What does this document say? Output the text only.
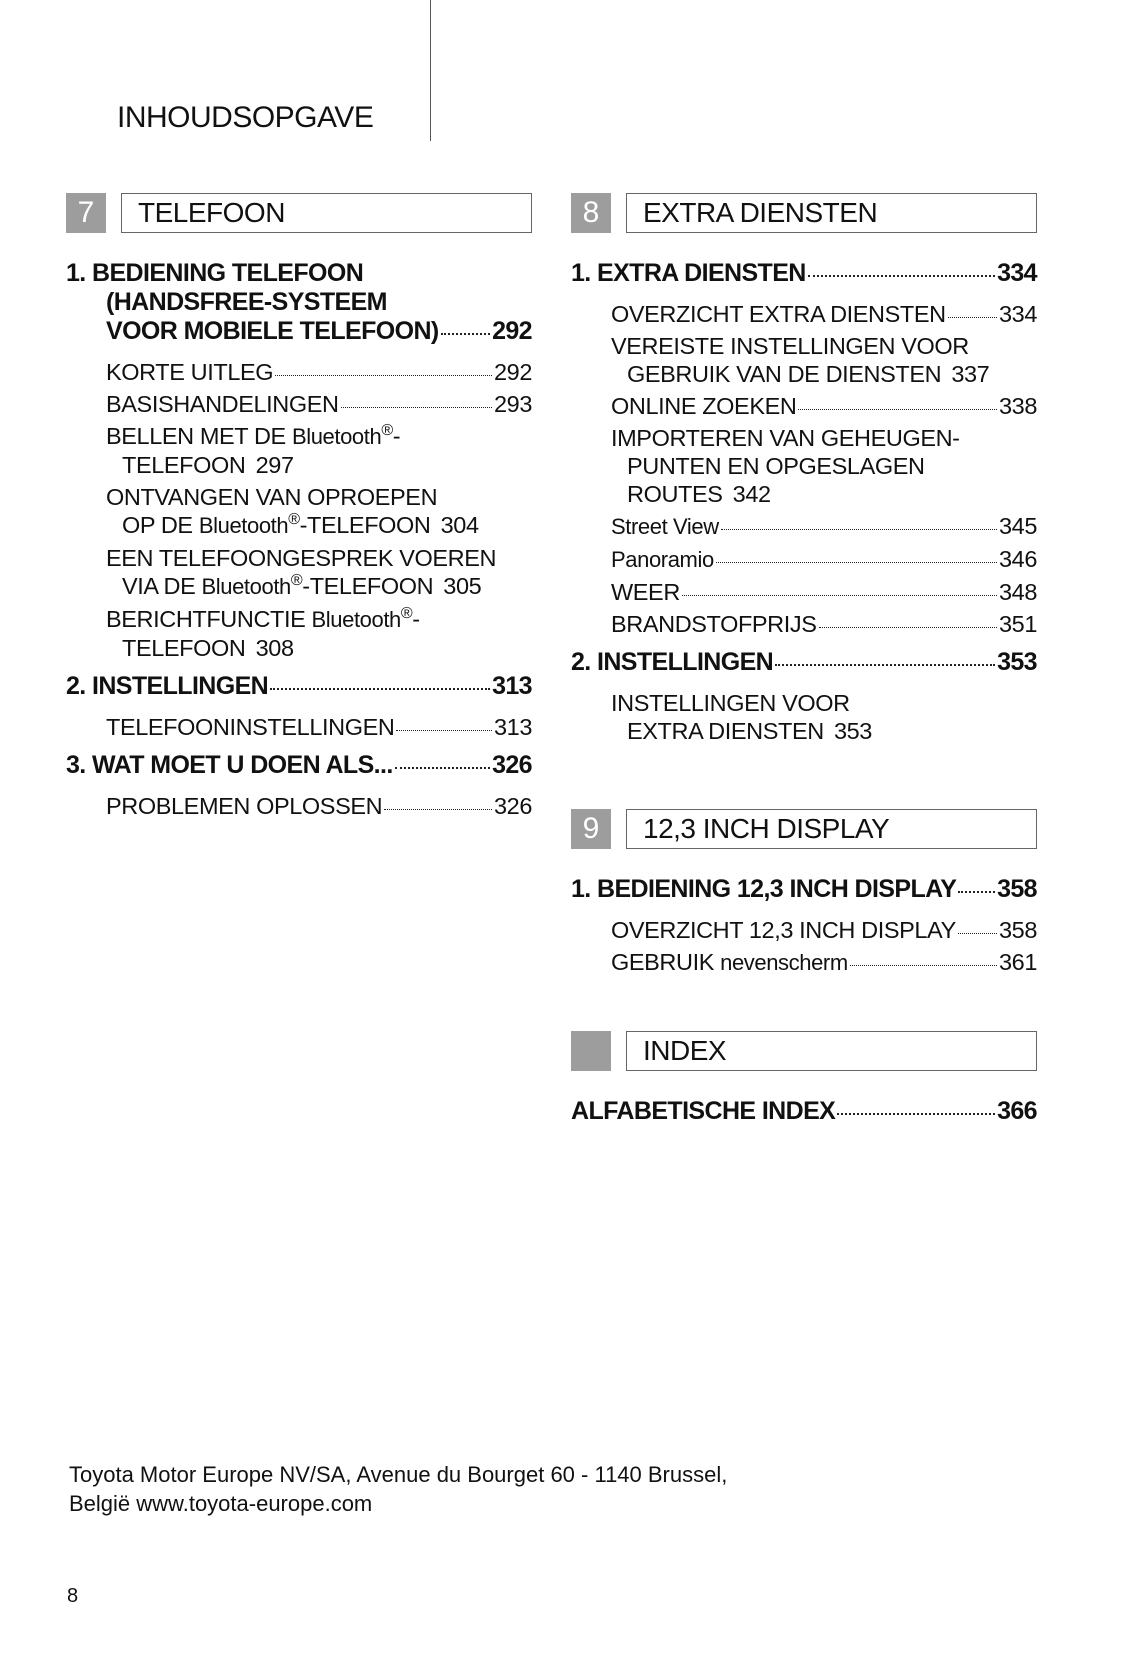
INHOUDSOPGAVE
7	TELEFOON
1. BEDIENING TELEFOON
(HANDSFREE-SYSTEEM
VOOR MOBIELE TELEFOON) 292
KORTE UITLEG	292
BASISHANDELINGEN	293
BELLEN MET DE Bluetooth®-
TELEFOON 297
ONTVANGEN VAN OPROEPEN
OP DE Bluetooth®-TELEFOON 304
EEN TELEFOONGESPREK VOEREN
VIA DE Bluetooth®-TELEFOON 305
BERICHTFUNCTIE Bluetooth®-
TELEFOON 308
2. INSTELLINGEN	313
TELEFOONINSTELLINGEN	313
3. WAT MOET U DOEN ALS...	326
PROBLEMEN OPLOSSEN	326
8	EXTRA DIENSTEN
1. EXTRA DIENSTEN	334
OVERZICHT EXTRA DIENSTEN 334
VEREISTE INSTELLINGEN VOOR
GEBRUIK VAN DE DIENSTEN 337
ONLINE ZOEKEN	338
IMPORTEREN VAN GEHEUGEN-
PUNTEN EN OPGESLAGEN
ROUTES 342
Street View	345
Panoramio	346
WEER	348
BRANDSTOFPRIJS	351
2. INSTELLINGEN	353
INSTELLINGEN VOOR
EXTRA DIENSTEN 353
9	12,3 INCH DISPLAY
1. BEDIENING 12,3 INCH DISPLAY 358
OVERZICHT 12,3 INCH DISPLAY 358
GEBRUIK nevenscherm	361
INDEX
ALFABETISCHE INDEX	366
Toyota Motor Europe NV/SA, Avenue du Bourget 60 - 1140 Brussel,
België www.toyota-europe.com
8
